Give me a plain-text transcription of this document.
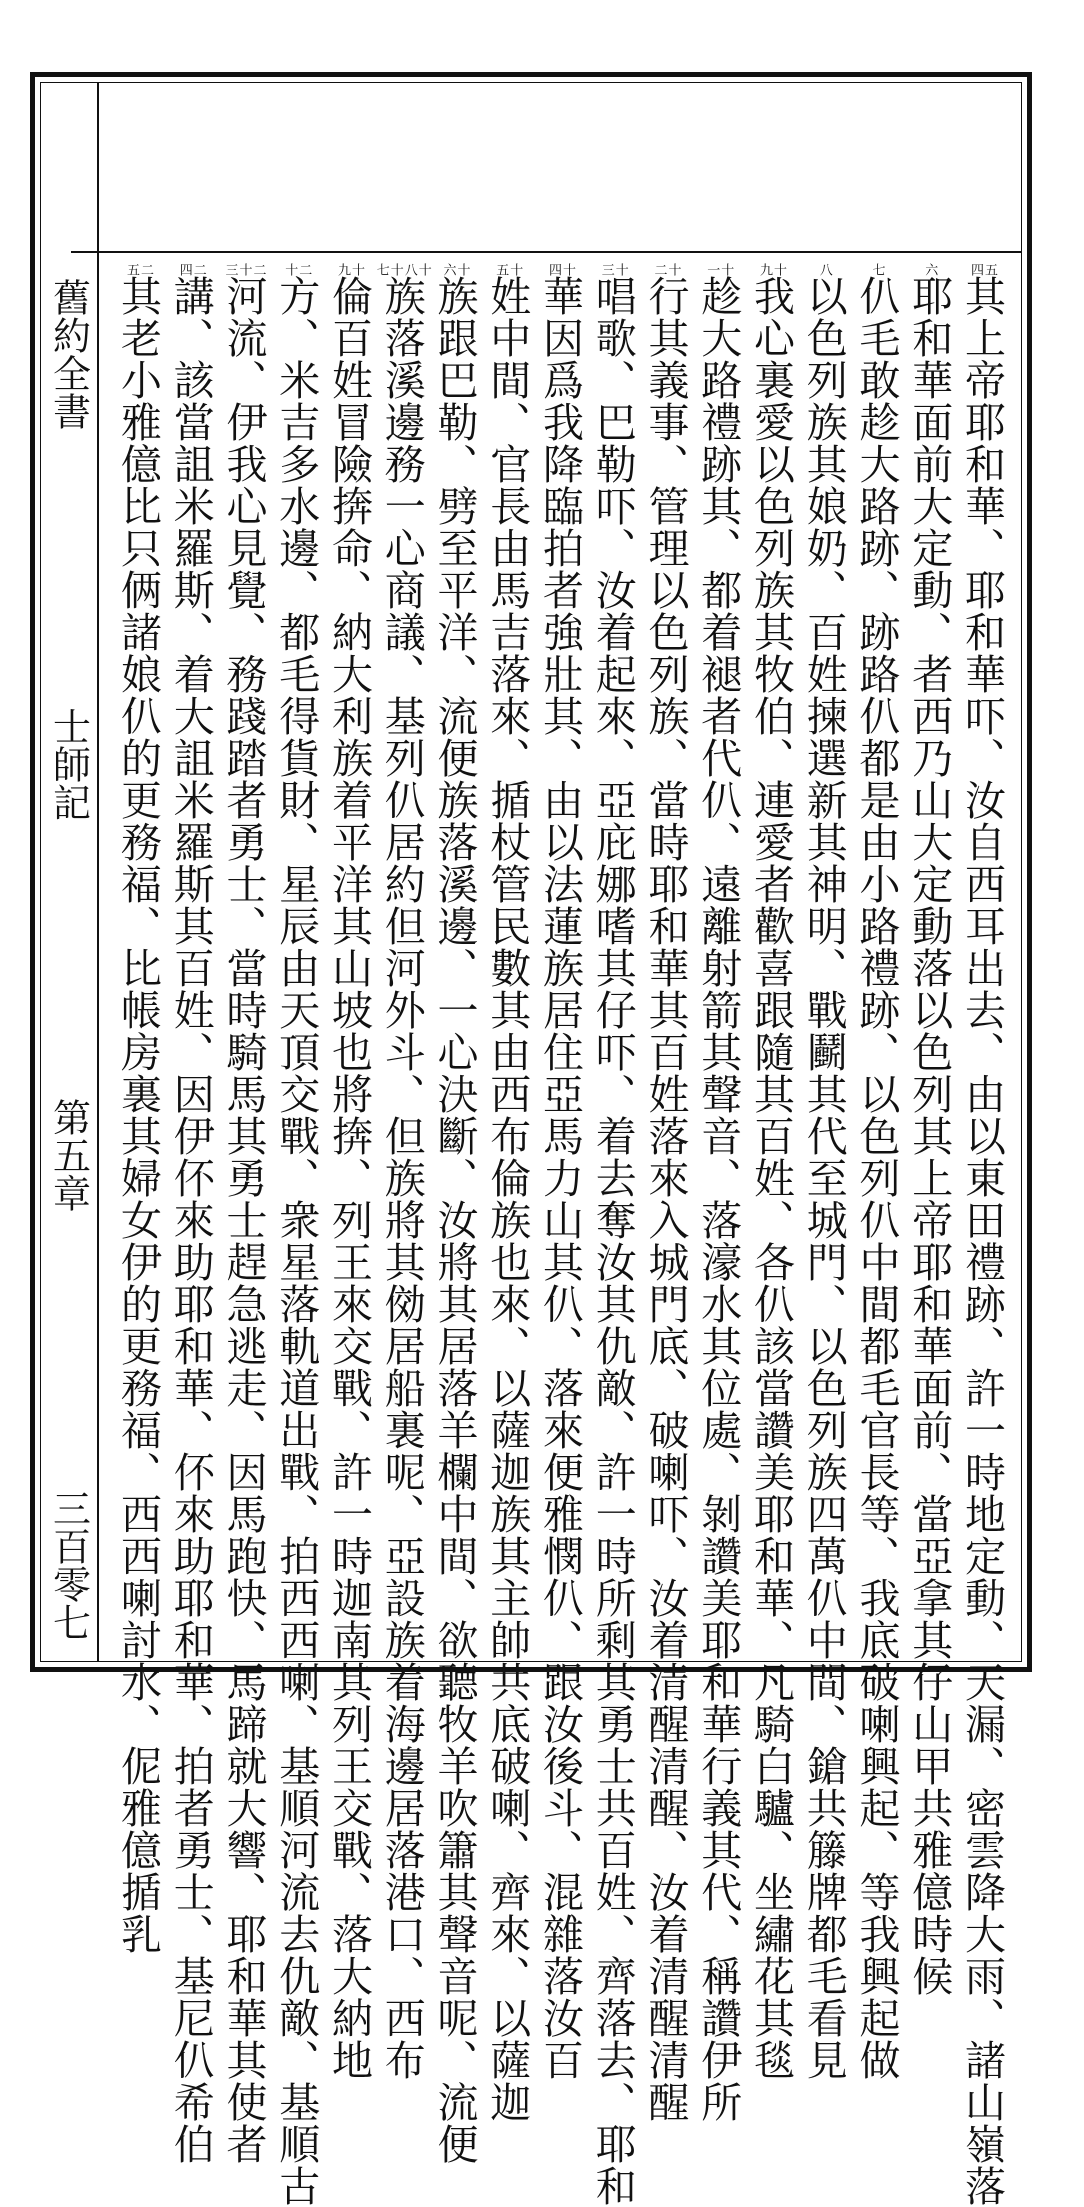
舊約全書
士師記
第五章
三百零七
五四
其上帝耶和華、耶和華吓、汝自西耳出去、由以東田禮跡、許一時地定動、天漏、密雲降大雨、諸山嶺落
六
耶和華面前大定動、者西乃山大定動落以色列其上帝耶和華面前、當亞拿其仔山甲共雅億時候
七
仈毛敢趁大路跡、跡路仈都是由小路禮跡、以色列仈中間都毛官長等、我底破喇興起、等我興起做
八
以色列族其娘奶、百姓揀選新其神明、戰鬬其代至城門、以色列族四萬仈中間、鎗共籐牌都毛看見
十九
我心裏愛以色列族其牧伯、連愛者歡喜跟隨其百姓、各仈該當讚美耶和華、凡騎白驢、坐繡花其毯
十一
趁大路禮跡其、都着褪者代仈、遠離射箭其聲音、落濠水其位處、剝讚美耶和華行義其代、稱讚伊所
十二
行其義事、管理以色列族、當時耶和華其百姓落來入城門底、破喇吓、汝着清醒清醒、汝着清醒清醒
十三
唱歌、巴勒吓、汝着起來、亞庇娜嗜其仔吓、着去奪汝其仇敵、許一時所剩其勇士共百姓、齊落去、耶和
十四
華因爲我降臨拍者強壯其、由以法蓮族居住亞馬力山其仈、落來便雅憫仈、跟汝後斗、混雜落汝百
十五
姓中間、官長由馬吉落來、揗杖管民數其由西布倫族也來、以薩迦族其主帥共底破喇、齊來、以薩迦
十六
族跟巴勒、劈至平洋、流便族落溪邊、一心決斷、汝將其居落羊欄中間、欲聽牧羊吹簫其聲音呢、流便
十八十七
族落溪邊務一心商議、基列仈居約但河外斗、但族將其俲居船裏呢、亞設族着海邊居落港口、西布
十九
倫百姓冒險捹命、納大利族着平洋其山坡也將捹、列王來交戰、許一時迦南其列王交戰、落大納地
二十
方、米吉多水邊、都毛得貨財、星辰由天頂交戰、衆星落軌道出戰、拍西西喇、基順河流去仇敵、基順古
二十三
河流、伊我心見覺、務踐踏者勇士、當時騎馬其勇士趕急逃走、因馬跑快、馬蹄就大響、耶和華其使者
二四
講、該當詛米羅斯、着大詛米羅斯其百姓、因伊伓來助耶和華、伓來助耶和華、拍者勇士、基尼仈希伯
二五
其老小雅億比只俩諸娘仈的更務福、比帳房裏其婦女伊的更務福、西西喇討水、伲雅億揗乳
